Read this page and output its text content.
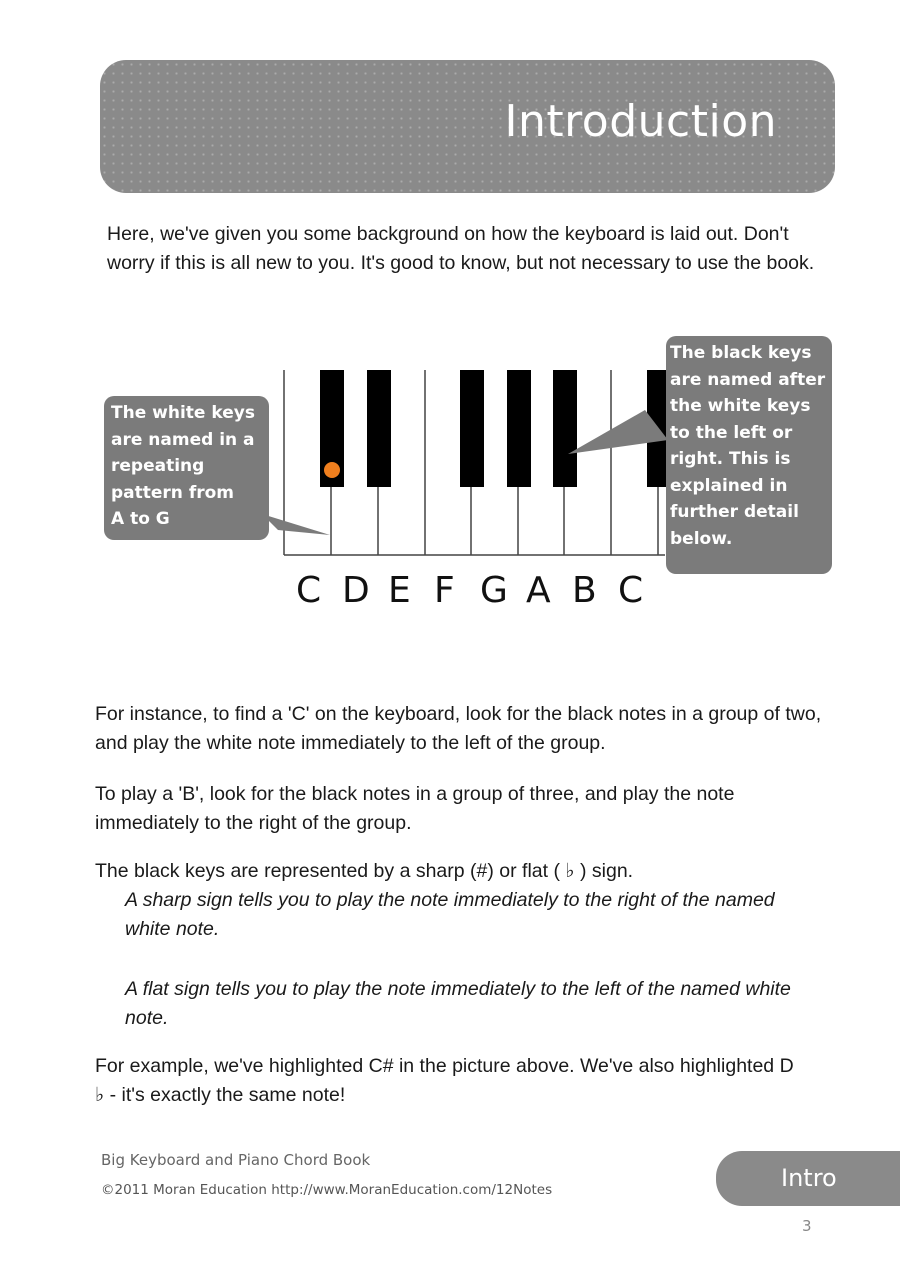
Introduction

Here, we've given you some background on how the keyboard is laid out. Don't worry if this is all new to you. It's good to know, but not necessary to use the book.

The white keys
are named in a
repeating
pattern from
A to G
The black keys
are named after
the white keys
to the left or
right. This is
explained in
further detail
below.
C D E F G A B C

For instance, to find a 'C' on the keyboard, look for the black notes in a group of two, and play the white note immediately to the left of the group.

To play a 'B', look for the black notes in a group of three, and play the note immediately to the right of the group.

The black keys are represented by a sharp (#) or flat ( ♭ ) sign.

A sharp sign tells you to play the note immediately to the right of the named white note.

A flat sign tells you to play the note immediately to the left of the named white note.

For example, we've highlighted C# in the picture above. We've also highlighted D ♭ - it's exactly the same note!

Big Keyboard and Piano Chord Book
©2011 Moran Education http://www.MoranEducation.com/12Notes	Intro
3
